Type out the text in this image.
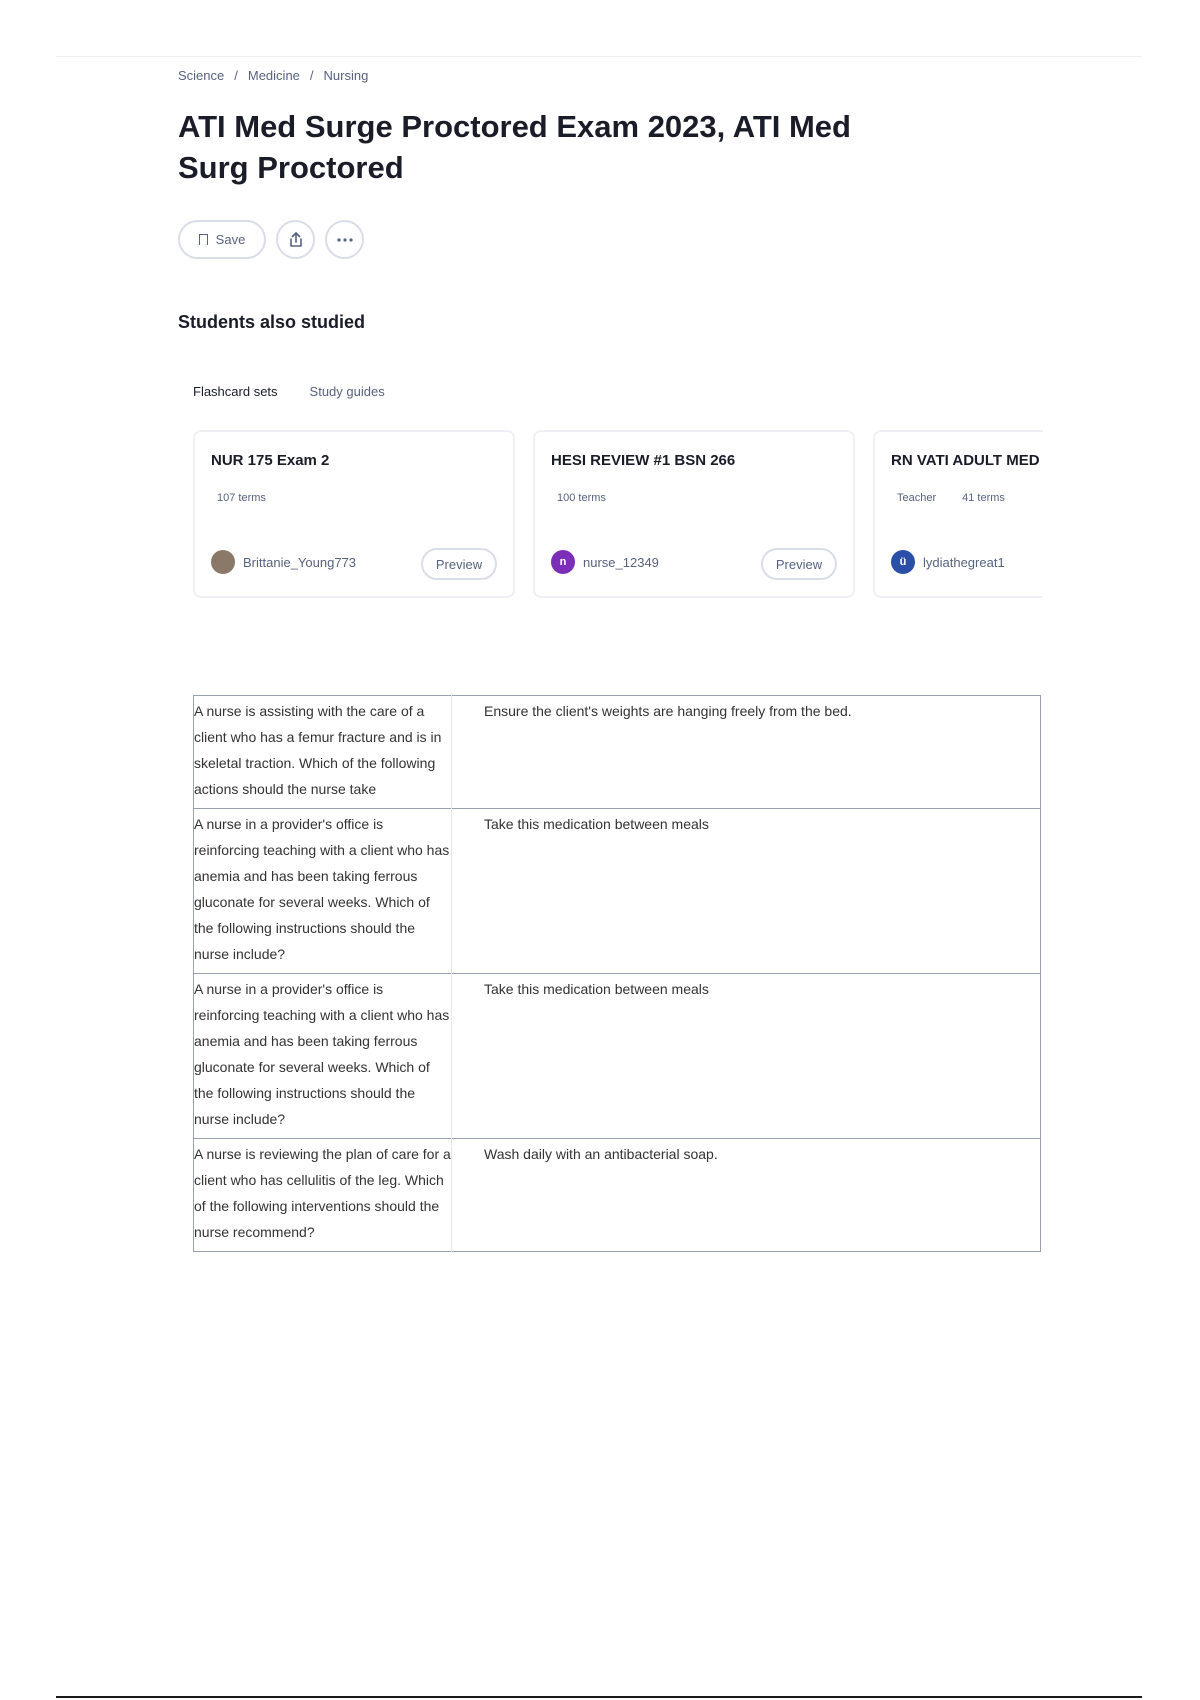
Science / Medicine / Nursing
ATI Med Surge Proctored Exam 2023, ATI Med Surg Proctored
Save
Students also studied
Flashcard sets Study guides
NUR 175 Exam 2
107 terms
Brittanie_Young773	Preview
HESI REVIEW #1 BSN 266
100 terms
n	nurse_12349	Preview
RN VATI ADULT MED
Teacher 41 terms
ü	lydiathegreat1
A nurse is assisting with the care of a client who has a femur fracture and is in skeletal traction. Which of the following actions should the nurse take	Ensure the client's weights are hanging freely from the bed.
A nurse in a provider's office is reinforcing teaching with a client who has anemia and has been taking ferrous gluconate for several weeks. Which of the following instructions should the nurse include?	Take this medication between meals
A nurse in a provider's office is reinforcing teaching with a client who has anemia and has been taking ferrous gluconate for several weeks. Which of the following instructions should the nurse include?	Take this medication between meals
A nurse is reviewing the plan of care for a client who has cellulitis of the leg. Which of the following interventions should the nurse recommend?	Wash daily with an antibacterial soap.
